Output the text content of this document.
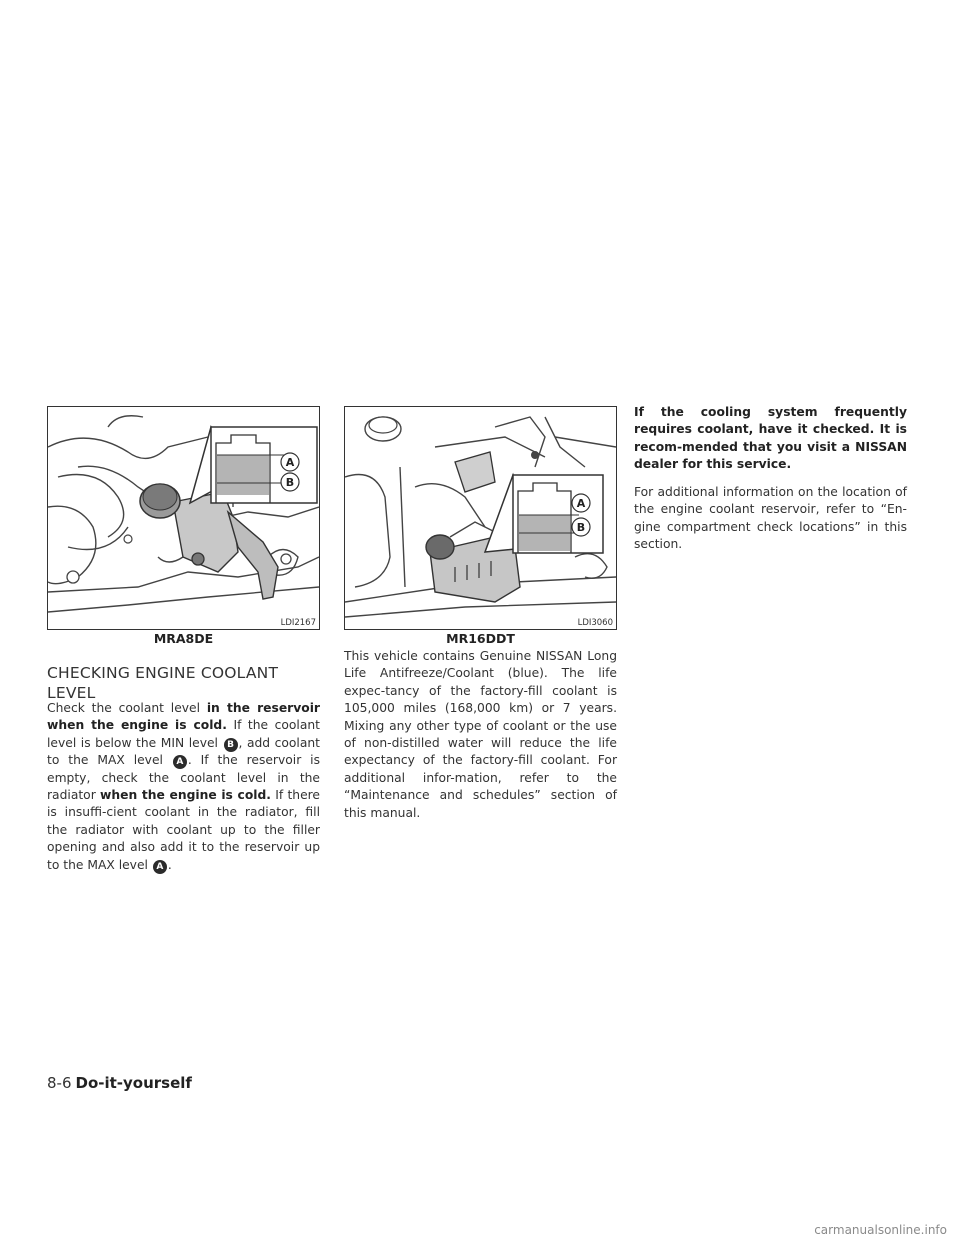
A
B
LDI2167
MRA8DE
A
B
LDI3060
MR16DDT
CHECKING ENGINE COOLANT LEVEL
Check the coolant level in the reservoir when the engine is cold. If the coolant level is below the MIN level B , add coolant to the MAX level A . If the reservoir is empty, check the coolant level in the radiator when the engine is cold. If there is insuffi-cient coolant in the radiator, fill the radiator with coolant up to the filler opening and also add it to the reservoir up to the MAX level A .
This vehicle contains Genuine NISSAN Long Life Antifreeze/Coolant (blue). The life expec-tancy of the factory-fill coolant is 105,000 miles (168,000 km) or 7 years. Mixing any other type of coolant or the use of non-distilled water will reduce the life expectancy of the factory-fill coolant. For additional infor-mation, refer to the “Maintenance and schedules” section of this manual.
If the cooling system frequently requires coolant, have it checked. It is recom-mended that you visit a NISSAN dealer for this service.
For additional information on the location of the engine coolant reservoir, refer to “En-gine compartment check locations” in this section.
8-6 Do-it-yourself
carmanualsonline.info
